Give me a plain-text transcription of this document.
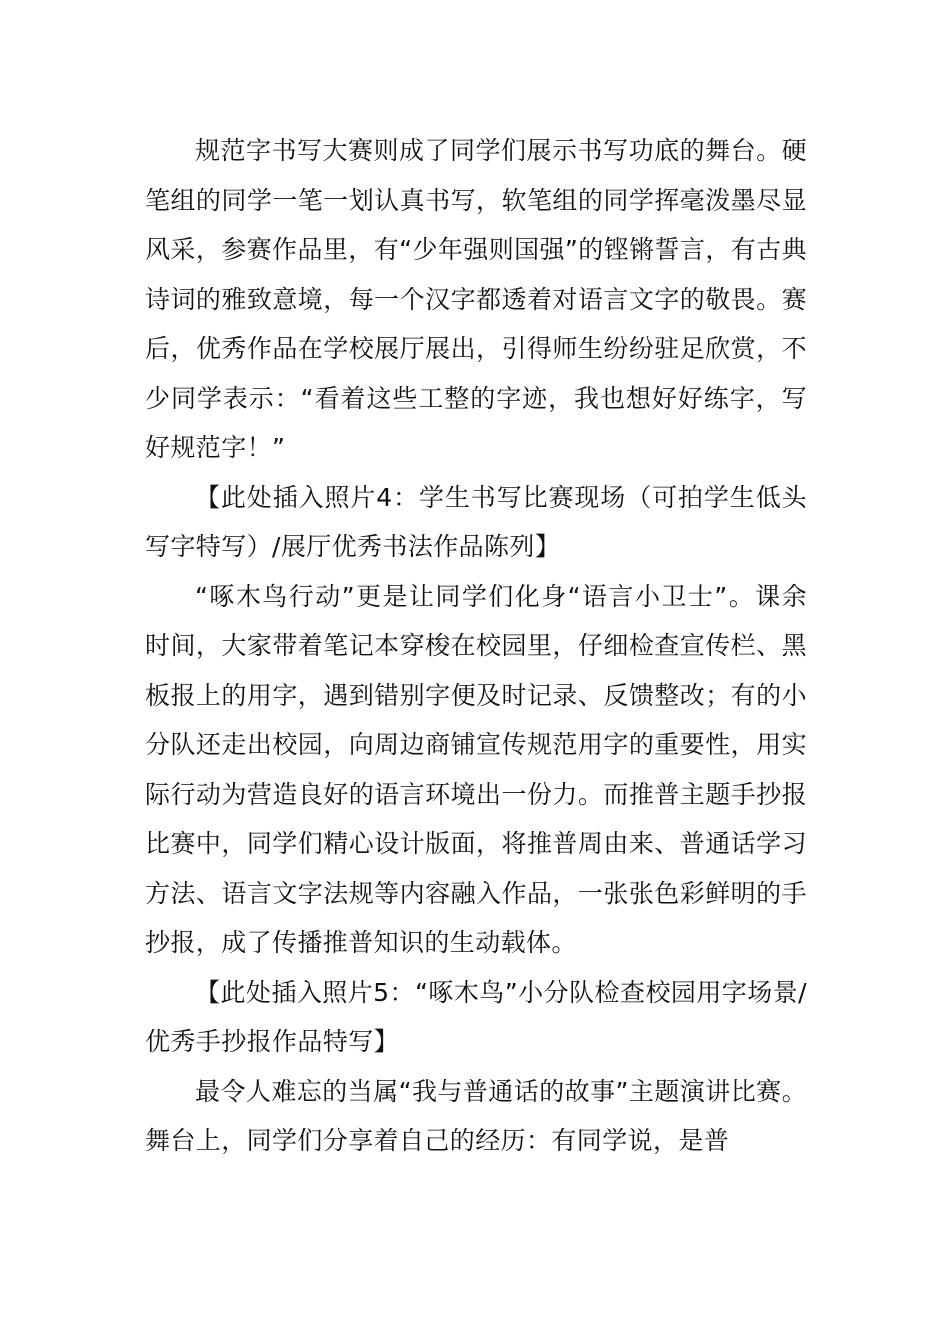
规范字书写大赛则成了同学们展示书写功底的舞台。硬笔组的同学一笔一划认真书写，软笔组的同学挥毫泼墨尽显风采，参赛作品里，有“少年强则国强”的铿锵誓言，有古典诗词的雅致意境，每一个汉字都透着对语言文字的敬畏。赛后，优秀作品在学校展厅展出，引得师生纷纷驻足欣赏，不少同学表示：“看着这些工整的字迹，我也想好好练字，写好规范字！”

【此处插入照片4：学生书写比赛现场（可拍学生低头写字特写）/展厅优秀书法作品陈列】

“啄木鸟行动”更是让同学们化身“语言小卫士”。课余时间，大家带着笔记本穿梭在校园里，仔细检查宣传栏、黑板报上的用字，遇到错别字便及时记录、反馈整改；有的小分队还走出校园，向周边商铺宣传规范用字的重要性，用实际行动为营造良好的语言环境出一份力。而推普主题手抄报比赛中，同学们精心设计版面，将推普周由来、普通话学习方法、语言文字法规等内容融入作品，一张张色彩鲜明的手抄报，成了传播推普知识的生动载体。

【此处插入照片5：“啄木鸟”小分队检查校园用字场景/优秀手抄报作品特写】

最令人难忘的当属“我与普通话的故事”主题演讲比赛。舞台上，同学们分享着自己的经历：有同学说，是普
